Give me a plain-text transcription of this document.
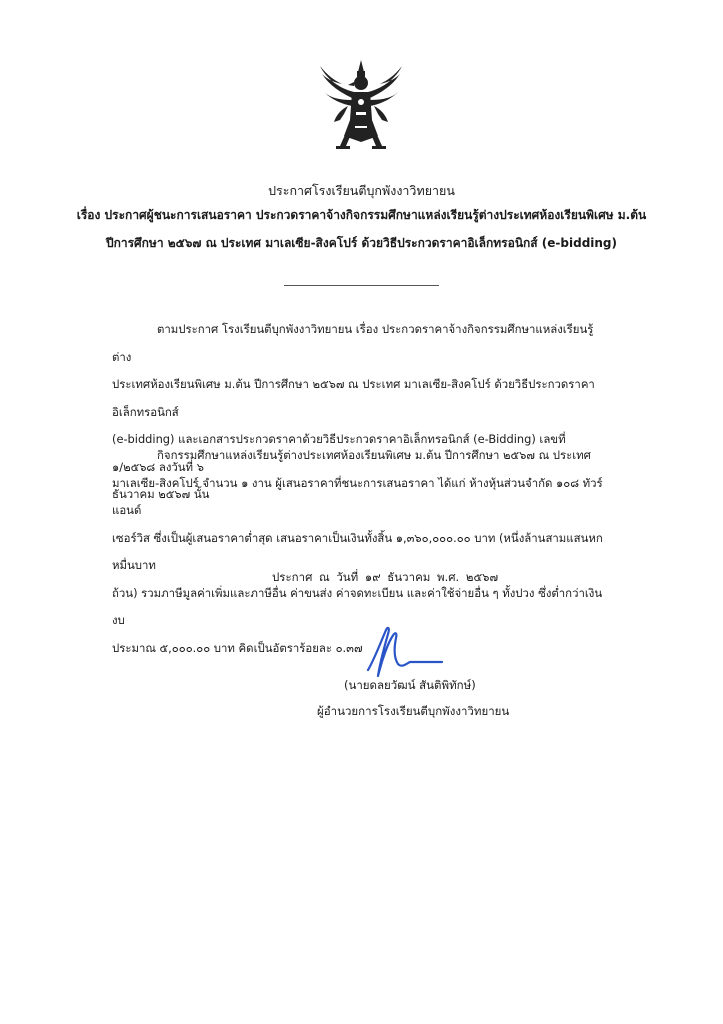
ประกาศโรงเรียนตีบุกพังงาวิทยายน
เรื่อง ประกาศผู้ชนะการเสนอราคา ประกวดราคาจ้างกิจกรรมศึกษาแหล่งเรียนรู้ต่างประเทศห้องเรียนพิเศษ ม.ต้น
ปีการศึกษา ๒๕๖๗ ณ ประเทศ มาเลเซีย-สิงคโปร์ ด้วยวิธีประกวดราคาอิเล็กทรอนิกส์ (e-bidding)
ตามประกาศ โรงเรียนตีบุกพังงาวิทยายน เรื่อง ประกวดราคาจ้างกิจกรรมศึกษาแหล่งเรียนรู้ต่าง
ประเทศห้องเรียนพิเศษ ม.ต้น ปีการศึกษา ๒๕๖๗ ณ ประเทศ มาเลเซีย-สิงคโปร์ ด้วยวิธีประกวดราคาอิเล็กทรอนิกส์
(e-bidding) และเอกสารประกวดราคาด้วยวิธีประกวดราคาอิเล็กทรอนิกส์ (e-Bidding) เลขที่ ๑/๒๕๖๘ ลงวันที่ ๖
ธันวาคม ๒๕๖๗ นั้น
กิจกรรมศึกษาแหล่งเรียนรู้ต่างประเทศห้องเรียนพิเศษ ม.ต้น ปีการศึกษา ๒๕๖๗ ณ ประเทศ
มาเลเซีย-สิงคโปร์ จำนวน ๑ งาน ผู้เสนอราคาที่ชนะการเสนอราคา ได้แก่ ห้างหุ้นส่วนจำกัด ๑๐๘ ทัวร์ แอนด์
เซอร์วิส ซึ่งเป็นผู้เสนอราคาต่ำสุด เสนอราคาเป็นเงินทั้งสิ้น ๑,๓๖๐,๐๐๐.๐๐ บาท (หนึ่งล้านสามแสนหกหมื่นบาท
ถ้วน) รวมภาษีมูลค่าเพิ่มและภาษีอื่น ค่าขนส่ง ค่าจดทะเบียน และค่าใช้จ่ายอื่น ๆ ทั้งปวง ซึ่งต่ำกว่าเงินงบ
ประมาณ ๕,๐๐๐.๐๐ บาท คิดเป็นอัตราร้อยละ ๐.๓๗
ประกาศ ณ วันที่ ๑๙ ธันวาคม พ.ศ. ๒๕๖๗
(นายดลยวัฒน์ สันติพิทักษ์)
ผู้อำนวยการโรงเรียนตีบุกพังงาวิทยายน
